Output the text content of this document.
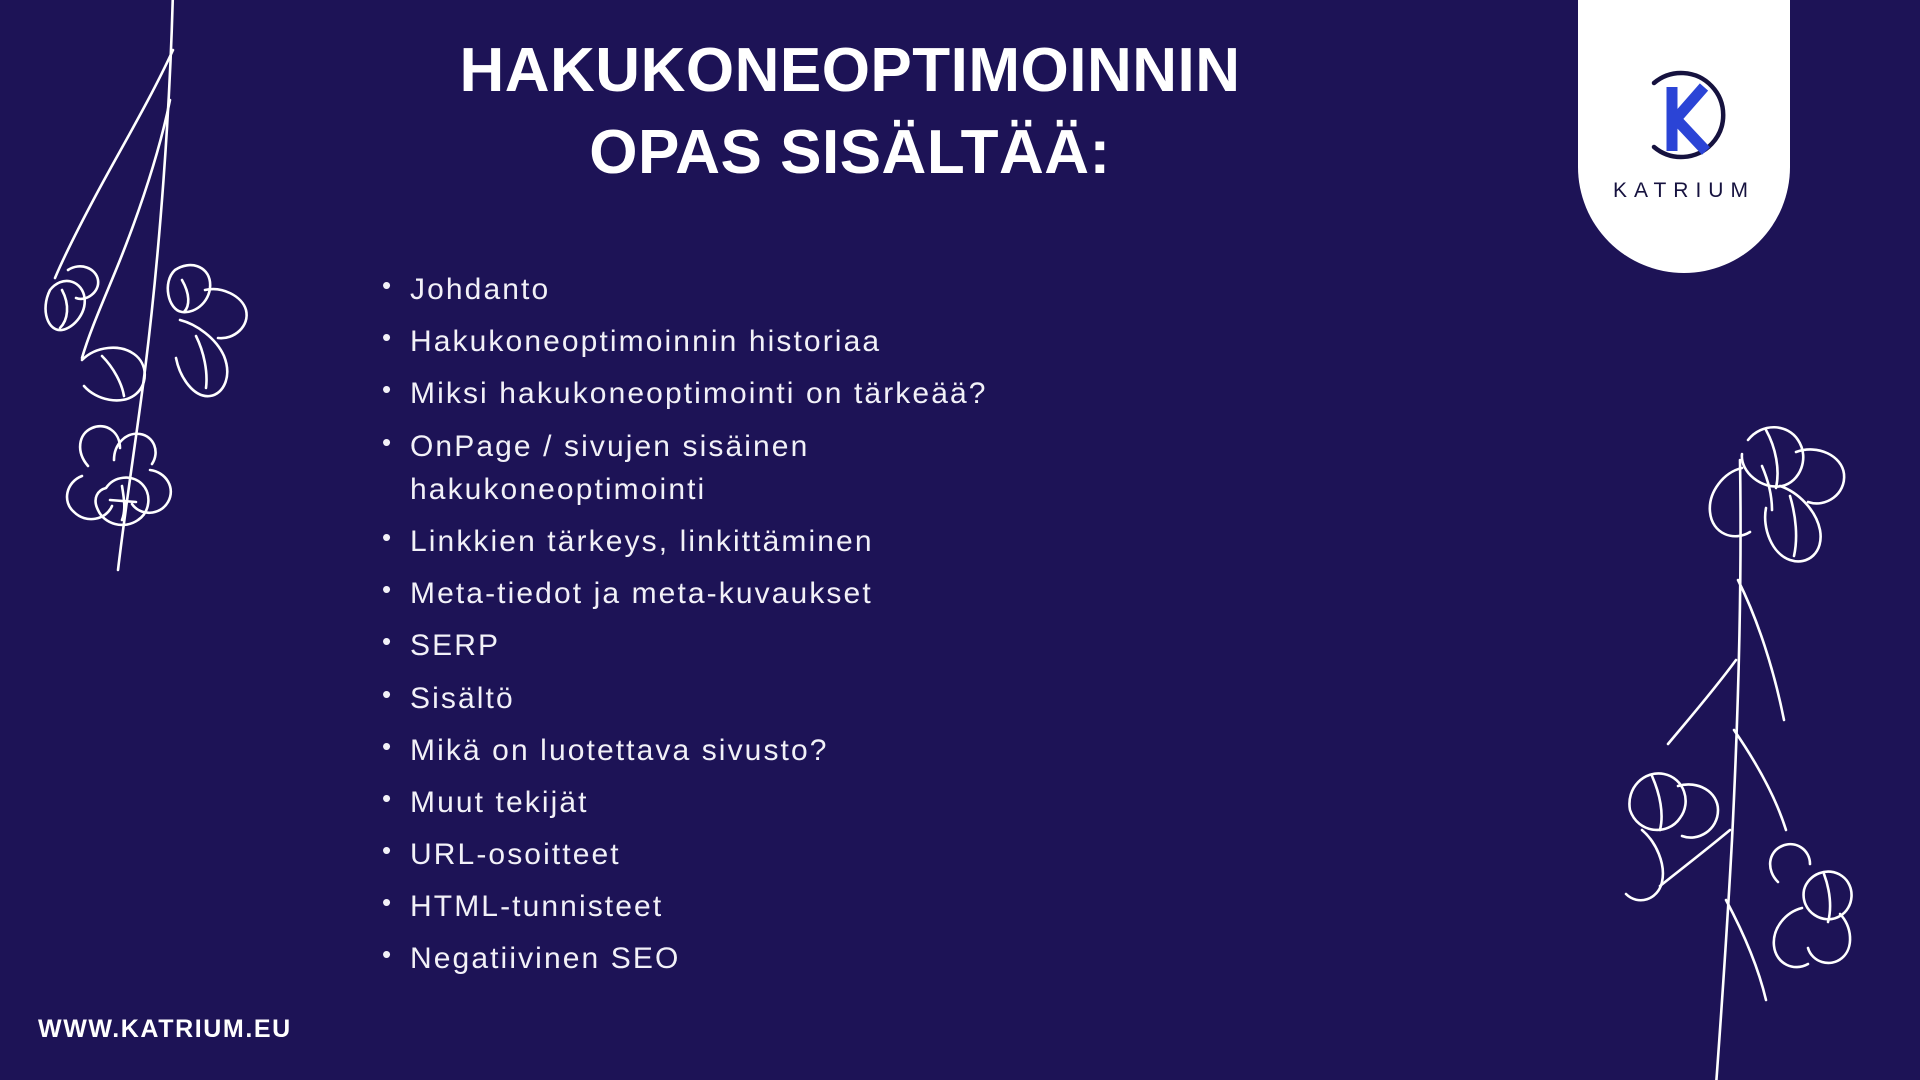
KATRIUM
HAKUKONEOPTIMOINNIN
OPAS SISÄLTÄÄ:
• Johdanto
• Hakukoneoptimoinnin historiaa
• Miksi hakukoneoptimointi on tärkeää?
• OnPage / sivujen sisäinen
hakukoneoptimointi
• Linkkien tärkeys, linkittäminen
• Meta-tiedot ja meta-kuvaukset
• SERP
• Sisältö
• Mikä on luotettava sivusto?
• Muut tekijät
• URL-osoitteet
• HTML-tunnisteet
• Negatiivinen SEO
WWW.KATRIUM.EU
